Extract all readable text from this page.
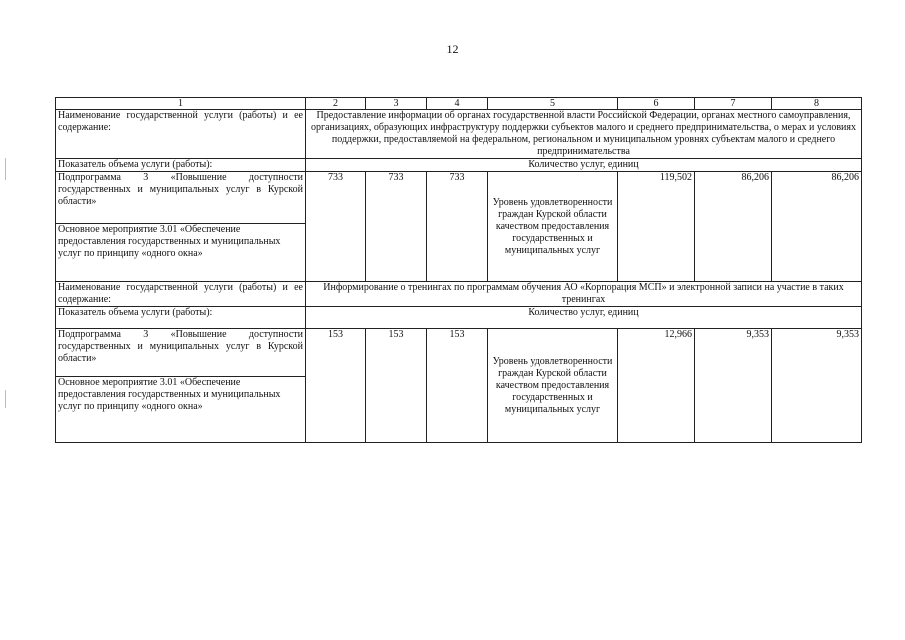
12
1	2	3	4	5	6	7	8
Наименование государственной услуги (работы) и ее содержание:	Предоставление информации об органах государственной власти Российской Федерации, органах местного самоуправления, организациях, образующих инфраструктуру поддержки субъектов малого и среднего предпринимательства, о мерах и условиях поддержки, предоставляемой на федеральном, региональном и муниципальном уровнях субъектам малого и среднего предпринимательства						
Показатель объема услуги (работы):	Количество услуг, единиц						
Подпрограмма 3 «Повышение доступности государственных и муниципальных услуг в Курской области»	733	733	733	Уровень удовлетворенности граждан Курской области качеством предоставления государственных и муниципальных услуг	119,502	86,206	86,206
Основное мероприятие 3.01 «Обеспечение предоставления государственных и муниципальных услуг по принципу «одного окна»							
Наименование государственной услуги (работы) и ее содержание:	Информирование о тренингах по программам обучения АО «Корпорация МСП» и электронной записи на участие в таких тренингах						
Показатель объема услуги (работы):	Количество услуг, единиц						
Подпрограмма 3 «Повышение доступности государственных и муниципальных услуг в Курской области»	153	153	153	Уровень удовлетворенности граждан Курской области качеством предоставления государственных и муниципальных услуг	12,966	9,353	9,353
Основное мероприятие 3.01 «Обеспечение предоставления государственных и муниципальных услуг по принципу «одного окна»							
